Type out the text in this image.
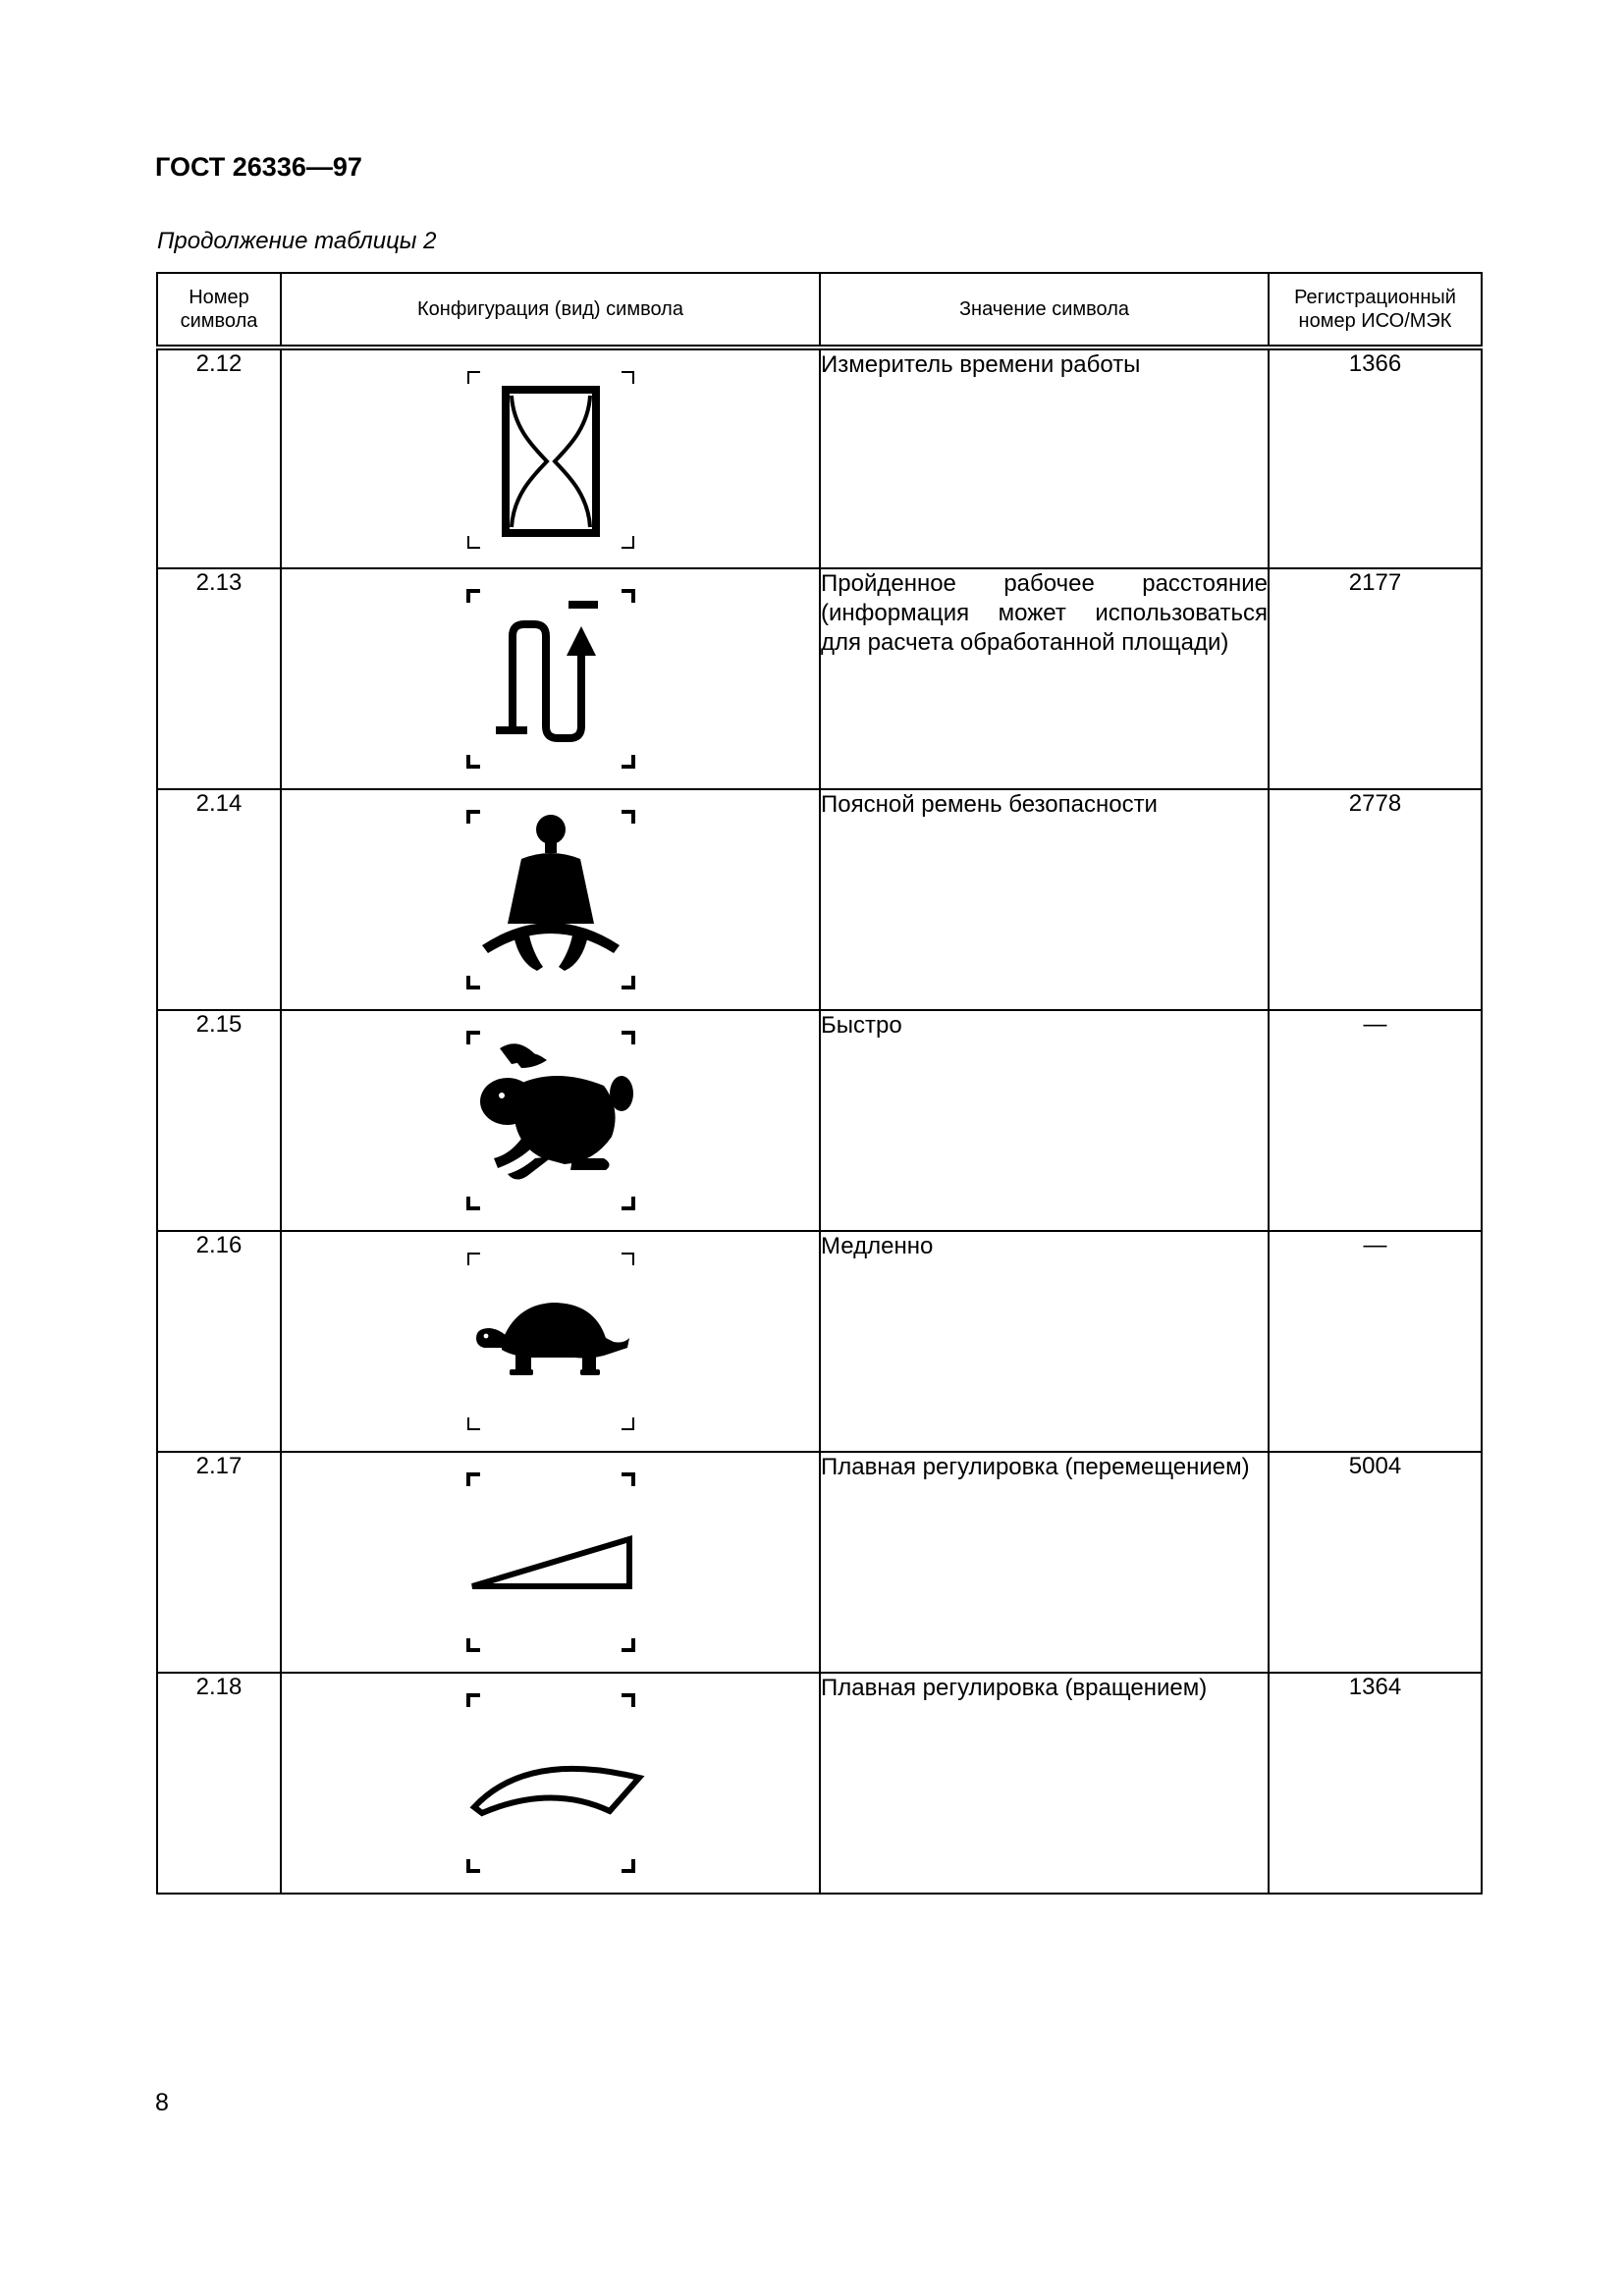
ГОСТ 26336—97
Продолжение таблицы 2
Номер символа	Конфигурация (вид) символа	Значение символа	Регистрационный номер ИСО/МЭК
2.12		Измеритель времени работы	1366
2.13		Пройденное рабочее расстояние (информация может использоваться для расчета обработанной площади)	2177
2.14		Поясной ремень безопасности	2778
2.15		Быстро	—
2.16		Медленно	—
2.17		Плавная регулировка (перемещением)	5004
2.18		Плавная регулировка (вращением)	1364
8
